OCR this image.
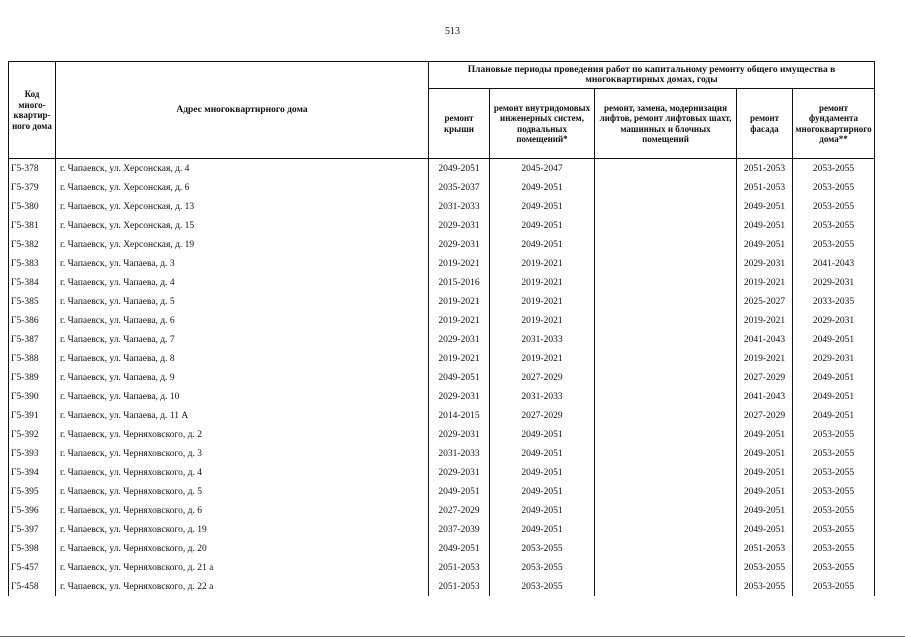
513
Код много-квартир-ного дома	Адрес многоквартирного дома	Плановые периоды проведения работ по капитальному ремонту общего имущества в многоквартирных домах, годы				
		ремонт крыши	ремонт внутридомовых инженерных систем, подвальных помещений*	ремонт, замена, модернизация лифтов, ремонт лифтовых шахт, машинных и блочных помещений	ремонт фасада	ремонт фундамента многоквартирного дома**
Г5-378	г. Чапаевск, ул. Херсонская, д. 4	2049-2051	2045-2047		2051-2053	2053-2055
Г5-379	г. Чапаевск, ул. Херсонская, д. 6	2035-2037	2049-2051		2051-2053	2053-2055
Г5-380	г. Чапаевск, ул. Херсонская, д. 13	2031-2033	2049-2051		2049-2051	2053-2055
Г5-381	г. Чапаевск, ул. Херсонская, д. 15	2029-2031	2049-2051		2049-2051	2053-2055
Г5-382	г. Чапаевск, ул. Херсонская, д. 19	2029-2031	2049-2051		2049-2051	2053-2055
Г5-383	г. Чапаевск, ул. Чапаева, д. 3	2019-2021	2019-2021		2029-2031	2041-2043
Г5-384	г. Чапаевск, ул. Чапаева, д. 4	2015-2016	2019-2021		2019-2021	2029-2031
Г5-385	г. Чапаевск, ул. Чапаева, д. 5	2019-2021	2019-2021		2025-2027	2033-2035
Г5-386	г. Чапаевск, ул. Чапаева, д. 6	2019-2021	2019-2021		2019-2021	2029-2031
Г5-387	г. Чапаевск, ул. Чапаева, д. 7	2029-2031	2031-2033		2041-2043	2049-2051
Г5-388	г. Чапаевск, ул. Чапаева, д. 8	2019-2021	2019-2021		2019-2021	2029-2031
Г5-389	г. Чапаевск, ул. Чапаева, д. 9	2049-2051	2027-2029		2027-2029	2049-2051
Г5-390	г. Чапаевск, ул. Чапаева, д. 10	2029-2031	2031-2033		2041-2043	2049-2051
Г5-391	г. Чапаевск, ул. Чапаева, д. 11 А	2014-2015	2027-2029		2027-2029	2049-2051
Г5-392	г. Чапаевск, ул. Черняховского, д. 2	2029-2031	2049-2051		2049-2051	2053-2055
Г5-393	г. Чапаевск, ул. Черняховского, д. 3	2031-2033	2049-2051		2049-2051	2053-2055
Г5-394	г. Чапаевск, ул. Черняховского, д. 4	2029-2031	2049-2051		2049-2051	2053-2055
Г5-395	г. Чапаевск, ул. Черняховского, д. 5	2049-2051	2049-2051		2049-2051	2053-2055
Г5-396	г. Чапаевск, ул. Черняховского, д. 6	2027-2029	2049-2051		2049-2051	2053-2055
Г5-397	г. Чапаевск, ул. Черняховского, д. 19	2037-2039	2049-2051		2049-2051	2053-2055
Г5-398	г. Чапаевск, ул. Черняховского, д. 20	2049-2051	2053-2055		2051-2053	2053-2055
Г5-457	г. Чапаевск, ул. Черняховского, д. 21 а	2051-2053	2053-2055		2053-2055	2053-2055
Г5-458	г. Чапаевск, ул. Черняховского, д. 22 а	2051-2053	2053-2055		2053-2055	2053-2055
